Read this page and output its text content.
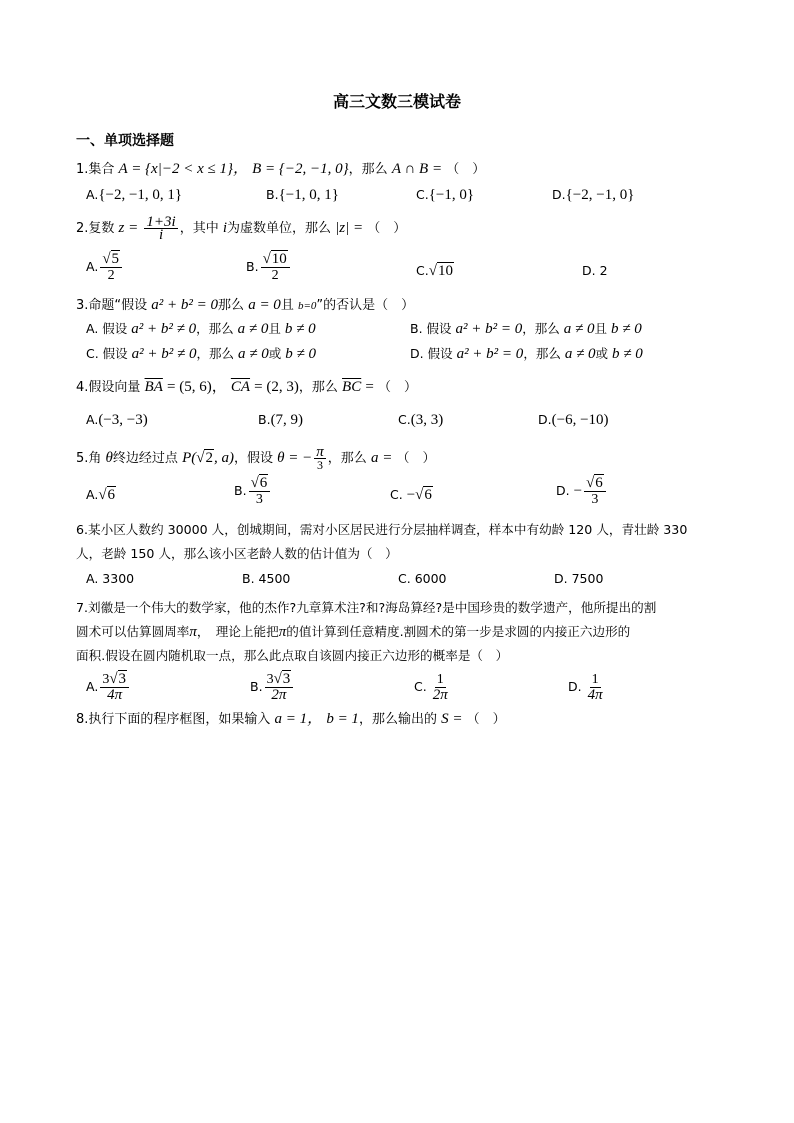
高三文数三模试卷
一、单项选择题
1.集合 A = {x|−2 < x ≤ 1}， B = {−2, −1, 0}，那么 A ∩ B = （　）
A.{−2, −1, 0, 1}	B.{−1, 0, 1}	C.{−1, 0}	D.{−2, −1, 0}
2.复数 $z = \frac{1+3i}{i}$ ，其中 i为虚数单位，那么 |z| = （　）
A. $\frac{√5}{2}$	B. $\frac{√10}{2}$	C.√10	D. 2
3.命题“假设 a² + b² = 0那么 a = 0且 b=0”的否认是（　）
A. 假设 a² + b² ≠ 0，那么 a ≠ 0且 b ≠ 0	B. 假设 a² + b² = 0，那么 a ≠ 0且 b ≠ 0
C. 假设 a² + b² ≠ 0，那么 a ≠ 0或 b ≠ 0	D. 假设 a² + b² = 0，那么 a ≠ 0或 b ≠ 0
4.假设向量 $\overline{BA} = (5$, 6)， $\overline{CA} = (2$, 3)，那么 $\overline{BC}$ = （　）
A.(−3, −3)	B.(7, 9)	C.(3, 3)	D.(−6, −10)
5.角 θ终边经过点 P(√2, a)，假设 θ = − $\frac{\pi}{3}$ ，那么 a = （　）
A.√6	B. $\frac{√6}{3}$	C. −√6	D. − $\frac{√6}{3}$
6.某小区人数约 30000 人，创城期间，需对小区居民进行分层抽样调查，样本中有幼龄 120 人，青壮龄 330
人，老龄 150 人，那么该小区老龄人数的估计值为（　）
A. 3300	B. 4500	C. 6000	D. 7500
7.刘徽是一个伟大的数学家，他的杰作?九章算术注?和?海岛算经?是中国珍贵的数学遗产，他所提出的割
圆术可以估算圆周率π，　理论上能把π的值计算到任意精度.割圆术的第一步是求圆的内接正六边形的
面积.假设在圆内随机取一点，那么此点取自该圆内接正六边形的概率是（　）
A. $\frac{3√3}{4\pi}$	B. $\frac{3√3}{2\pi}$	C. $\frac{1}{2\pi}$	D. $\frac{1}{4\pi}$
8.执行下面的程序框图，如果输入 a = 1， b = 1，那么输出的 S = （　）
